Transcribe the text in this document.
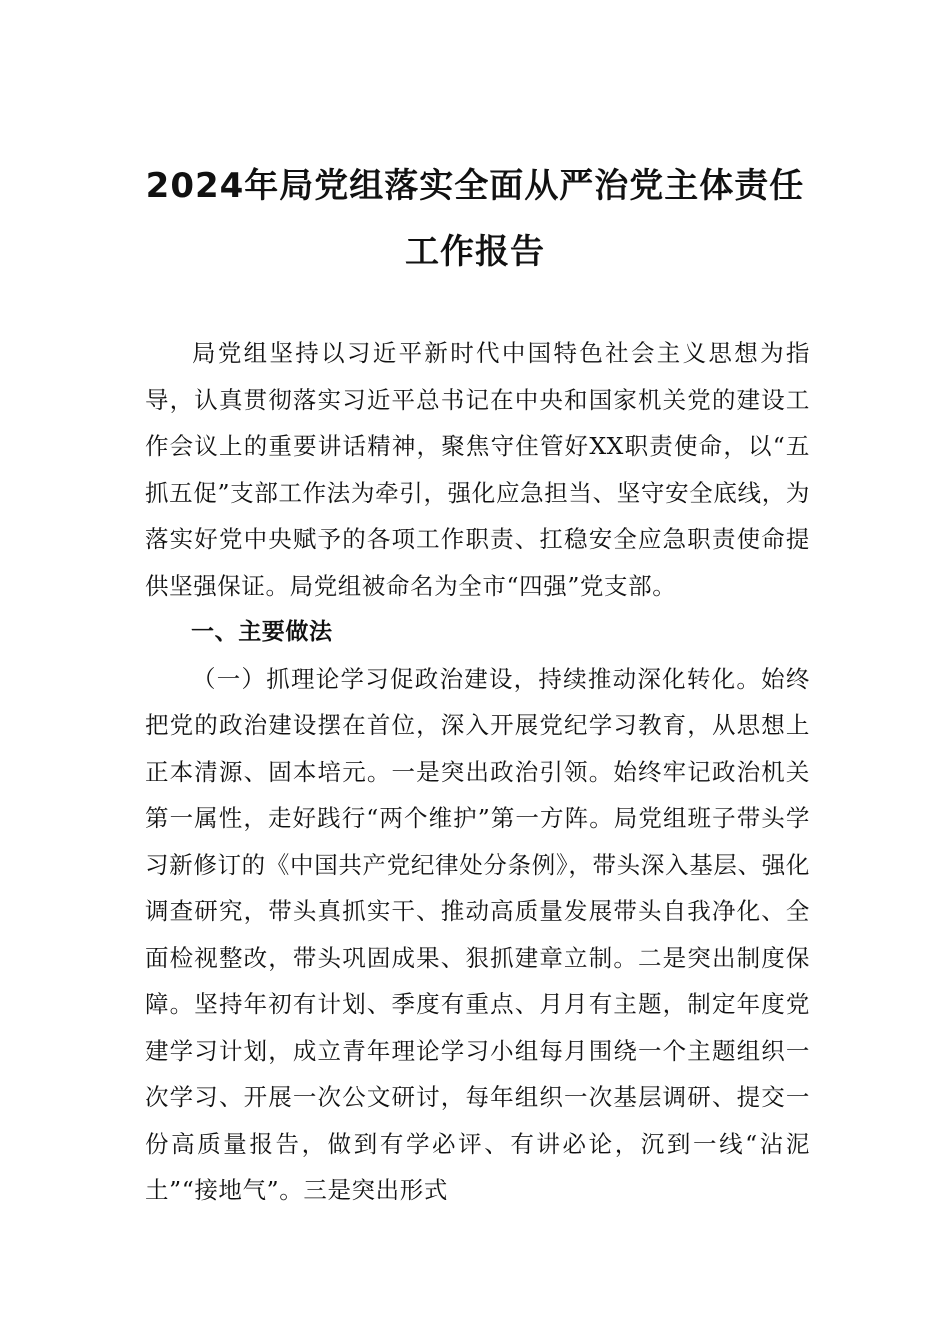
2024年局党组落实全面从严治党主体责任
工作报告

局党组坚持以习近平新时代中国特色社会主义思想为指导，认真贯彻落实习近平总书记在中央和国家机关党的建设工作会议上的重要讲话精神，聚焦守住管好XX职责使命，以“五抓五促”支部工作法为牵引，强化应急担当、坚守安全底线，为落实好党中央赋予的各项工作职责、扛稳安全应急职责使命提供坚强保证。局党组被命名为全市“四强”党支部。

一、主要做法

（一）抓理论学习促政治建设，持续推动深化转化。始终把党的政治建设摆在首位，深入开展党纪学习教育，从思想上正本清源、固本培元。一是突出政治引领。始终牢记政治机关第一属性，走好践行“两个维护”第一方阵。局党组班子带头学习新修订的《中国共产党纪律处分条例》，带头深入基层、强化调查研究，带头真抓实干、推动高质量发展带头自我净化、全面检视整改，带头巩固成果、狠抓建章立制。二是突出制度保障。坚持年初有计划、季度有重点、月月有主题，制定年度党建学习计划，成立青年理论学习小组每月围绕一个主题组织一次学习、开展一次公文研讨，每年组织一次基层调研、提交一份高质量报告，做到有学必评、有讲必论，沉到一线“沾泥土”“接地气”。三是突出形式
